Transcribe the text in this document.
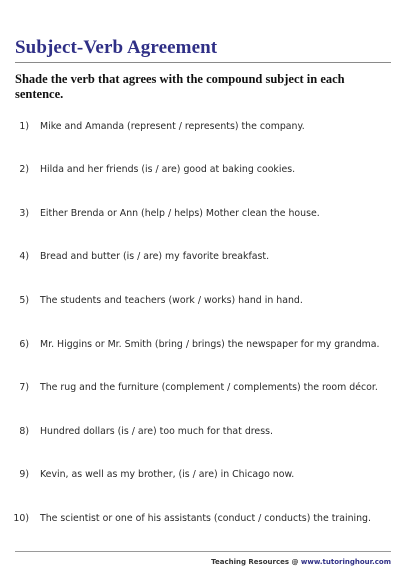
Subject-Verb Agreement

Shade the verb that agrees with the compound subject in each sentence.

1) Mike and Amanda (represent / represents) the company.
2) Hilda and her friends (is / are) good at baking cookies.
3) Either Brenda or Ann (help / helps) Mother clean the house.
4) Bread and butter (is / are) my favorite breakfast.
5) The students and teachers (work / works) hand in hand.
6) Mr. Higgins or Mr. Smith (bring / brings) the newspaper for my grandma.
7) The rug and the furniture (complement / complements) the room décor.
8) Hundred dollars (is / are) too much for that dress.
9) Kevin, as well as my brother, (is / are) in Chicago now.
10) The scientist or one of his assistants (conduct / conducts) the training.
Teaching Resources @ www.tutoringhour.com
